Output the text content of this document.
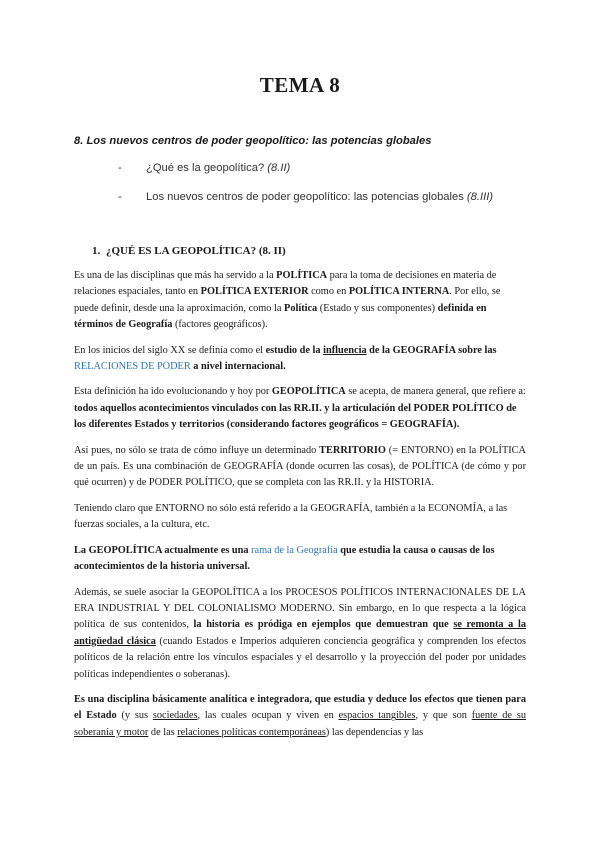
TEMA 8
8. Los nuevos centros de poder geopolítico: las potencias globales
- ¿Qué es la geopolítica? (8.II)
- Los nuevos centros de poder geopolítico: las potencias globales (8.III)
1. ¿QUÉ ES LA GEOPOLÍTICA? (8. II)

Es una de las disciplinas que más ha servido a la POLÍTICA para la toma de decisiones en materia de relaciones espaciales, tanto en POLÍTICA EXTERIOR como en POLÍTICA INTERNA. Por ello, se puede definir, desde una la aproximación, como la Política (Estado y sus componentes) definida en términos de Geografía (factores geográficos).

En los inicios del siglo XX se definía como el estudio de la influencia de la GEOGRAFÍA sobre las RELACIONES DE PODER a nivel internacional.

Esta definición ha ido evolucionando y hoy por GEOPOLÍTICA se acepta, de manera general, que refiere a: todos aquellos acontecimientos vinculados con las RR.II. y la articulación del PODER POLÍTICO de los diferentes Estados y territorios (considerando factores geográficos = GEOGRAFÍA).

Así pues, no sólo se trata de cómo influye un determinado TERRITORIO (= ENTORNO) en la POLÍTICA de un país. Es una combinación de GEOGRAFÍA (donde ocurren las cosas), de POLÍTICA (de cómo y por qué ocurren) y de PODER POLÍTICO, que se completa con las RR.II. y la HISTORIA.

Teniendo claro que ENTORNO no sólo está referido a la GEOGRAFÍA, también a la ECONOMÍA, a las fuerzas sociales, a la cultura, etc.

La GEOPOLÍTICA actualmente es una rama de la Geografía que estudia la causa o causas de los acontecimientos de la historia universal.

Además, se suele asociar la GEOPOLÍTICA a los PROCESOS POLÍTICOS INTERNACIONALES DE LA ERA INDUSTRIAL Y DEL COLONIALISMO MODERNO. Sin embargo, en lo que respecta a la lógica política de sus contenidos, la historia es pródiga en ejemplos que demuestran que se remonta a la antigüedad clásica (cuando Estados e Imperios adquieren conciencia geográfica y comprenden los efectos políticos de la relación entre los vínculos espaciales y el desarrollo y la proyección del poder por unidades políticas independientes o soberanas).

Es una disciplina básicamente analítica e integradora, que estudia y deduce los efectos que tienen para el Estado (y sus sociedades, las cuales ocupan y viven en espacios tangibles, y que son fuente de su soberanía y motor de las relaciones políticas contemporáneas) las dependencias y las
